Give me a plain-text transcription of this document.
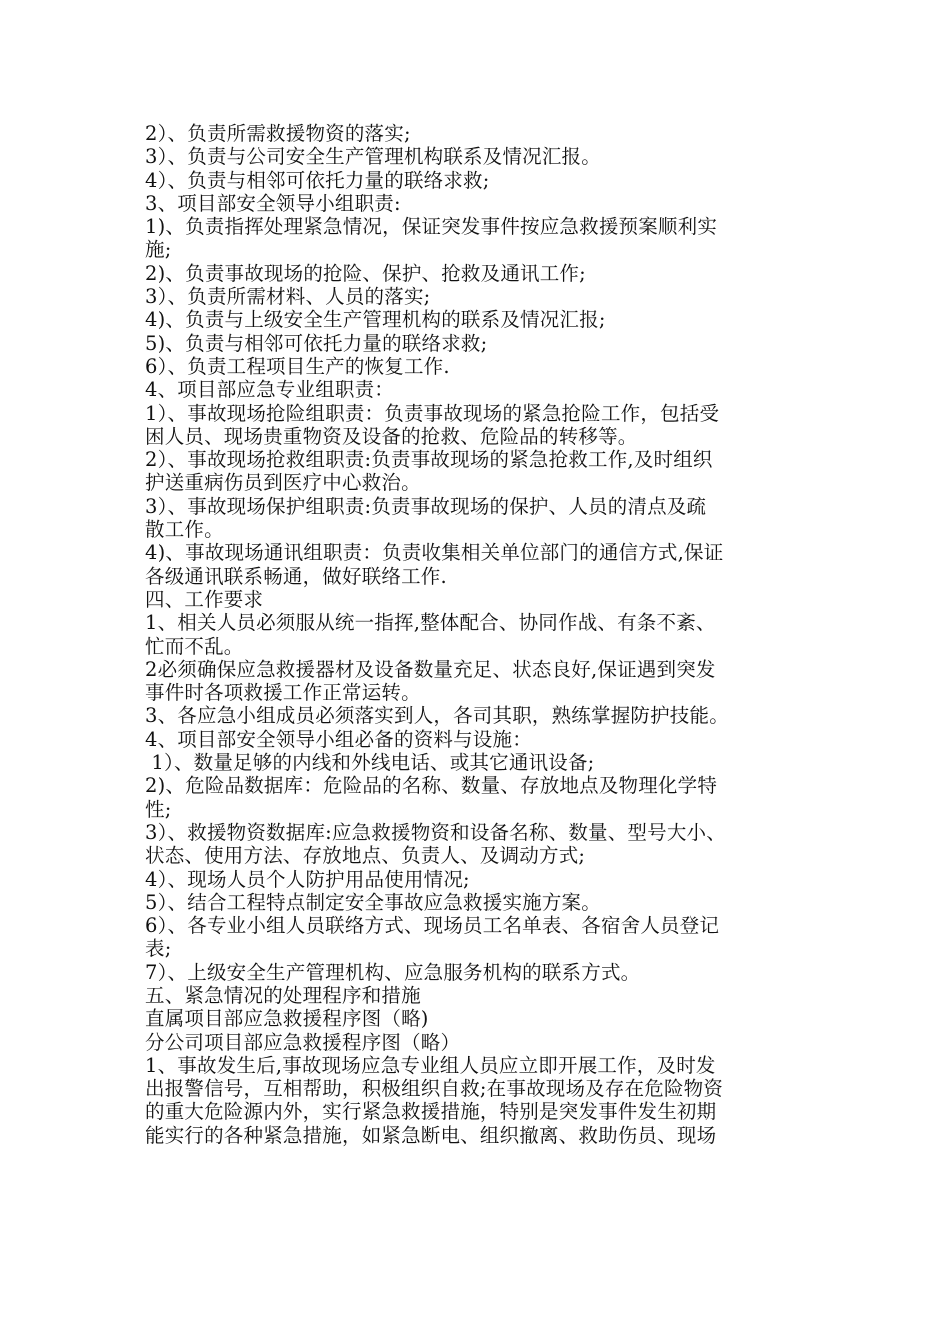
2）、负责所需救援物资的落实;
3）、负责与公司安全生产管理机构联系及情况汇报。
4）、负责与相邻可依托力量的联络求救;
3、项目部安全领导小组职责:
1)、负责指挥处理紧急情况，保证突发事件按应急救援预案顺利实
施;
2)、负责事故现场的抢险、保护、抢救及通讯工作;
3）、负责所需材料、人员的落实;
4)、负责与上级安全生产管理机构的联系及情况汇报;
5)、负责与相邻可依托力量的联络求救;
6）、负责工程项目生产的恢复工作.
4、项目部应急专业组职责：
1）、事故现场抢险组职责：负责事故现场的紧急抢险工作，包括受
困人员、现场贵重物资及设备的抢救、危险品的转移等。
2）、事故现场抢救组职责:负责事故现场的紧急抢救工作,及时组织
护送重病伤员到医疗中心救治。
3）、事故现场保护组职责:负责事故现场的保护、人员的清点及疏
散工作。
4)、事故现场通讯组职责：负责收集相关单位部门的通信方式,保证
各级通讯联系畅通，做好联络工作.
四、工作要求
1、相关人员必须服从统一指挥,整体配合、协同作战、有条不紊、
忙而不乱。
2必须确保应急救援器材及设备数量充足、状态良好,保证遇到突发
事件时各项救援工作正常运转。
3、各应急小组成员必须落实到人，各司其职，熟练掌握防护技能。
4、项目部安全领导小组必备的资料与设施：
1）、数量足够的内线和外线电话、或其它通讯设备;
2)、危险品数据库：危险品的名称、数量、存放地点及物理化学特
性;
3）、救援物资数据库:应急救援物资和设备名称、数量、型号大小、
状态、使用方法、存放地点、负责人、及调动方式;
4）、现场人员个人防护用品使用情况;
5）、结合工程特点制定安全事故应急救援实施方案。
6）、各专业小组人员联络方式、现场员工名单表、各宿舍人员登记
表;
7）、上级安全生产管理机构、应急服务机构的联系方式。
五、紧急情况的处理程序和措施
直属项目部应急救援程序图（略)
分公司项目部应急救援程序图（略）
1、事故发生后,事故现场应急专业组人员应立即开展工作，及时发
出报警信号，互相帮助，积极组织自救;在事故现场及存在危险物资
的重大危险源内外，实行紧急救援措施，特别是突发事件发生初期
能实行的各种紧急措施，如紧急断电、组织撤离、救助伤员、现场
